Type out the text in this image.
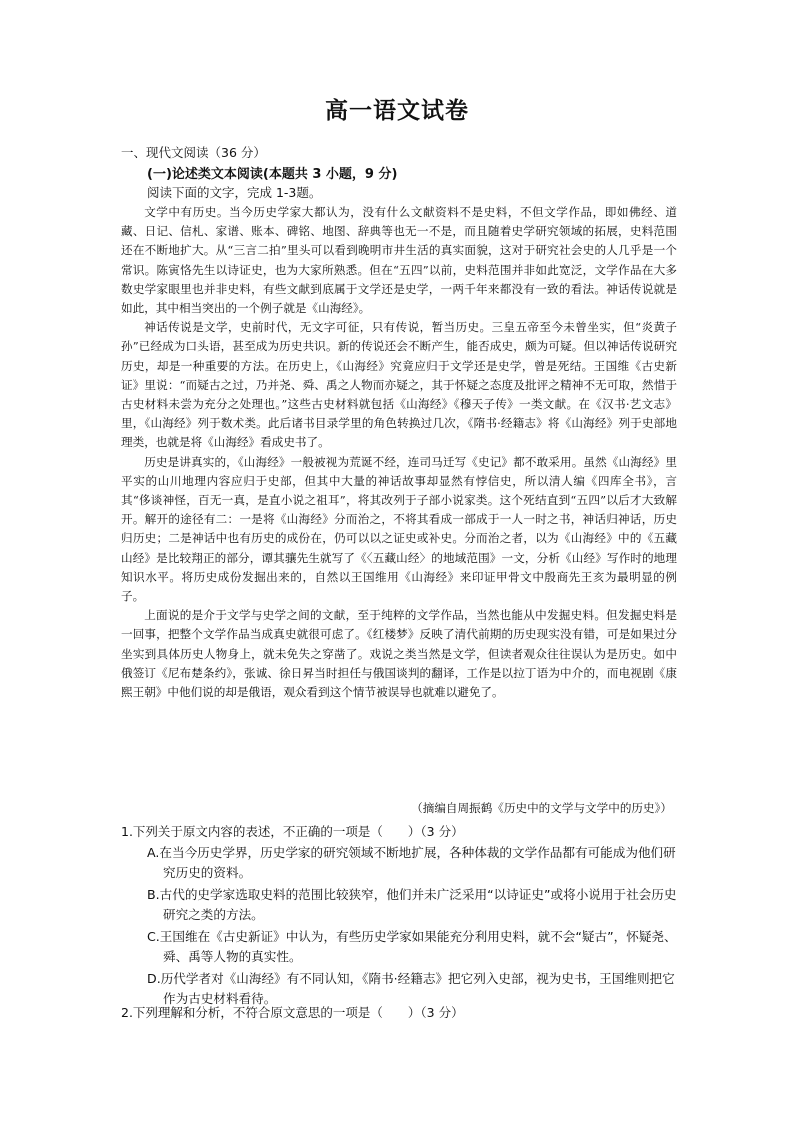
高一语文试卷
一、现代文阅读（36 分）
(一)论述类文本阅读(本题共 3 小题，9 分)
阅读下面的文字，完成 1-3题。

文学中有历史。当今历史学家大都认为，没有什么文献资料不是史料，不但文学作品，即如佛经、道藏、日记、信札、家谱、账本、碑铭、地图、辞典等也无一不是，而且随着史学研究领域的拓展，史料范围还在不断地扩大。从“三言二拍”里头可以看到晚明市井生活的真实面貌，这对于研究社会史的人几乎是一个常识。陈寅恪先生以诗证史，也为大家所熟悉。但在“五四”以前，史料范围并非如此宽泛，文学作品在大多数史学家眼里也并非史料，有些文献到底属于文学还是史学，一两千年来都没有一致的看法。神话传说就是如此，其中相当突出的一个例子就是《山海经》。

神话传说是文学，史前时代，无文字可征，只有传说，暂当历史。三皇五帝至今未曾坐实，但“炎黄子孙”已经成为口头语，甚至成为历史共识。新的传说还会不断产生，能否成史，颇为可疑。但以神话传说研究历史，却是一种重要的方法。在历史上，《山海经》究竟应归于文学还是史学，曾是死结。王国维《古史新证》里说：“而疑古之过，乃并尧、舜、禹之人物而亦疑之，其于怀疑之态度及批评之精神不无可取，然惜于古史材料未尝为充分之处理也。”这些古史材料就包括《山海经》《穆天子传》一类文献。在《汉书·艺文志》里，《山海经》列于数术类。此后诸书目录学里的角色转换过几次，《隋书·经籍志》将《山海经》列于史部地理类，也就是将《山海经》看成史书了。

历史是讲真实的，《山海经》一般被视为荒诞不经，连司马迁写《史记》都不敢采用。虽然《山海经》里平实的山川地理内容应归于史部，但其中大量的神话故事却显然有悖信史，所以清人编《四库全书》，言其“侈谈神怪，百无一真，是直小说之祖耳”，将其改列于子部小说家类。这个死结直到“五四”以后才大致解开。解开的途径有二：一是将《山海经》分而治之，不将其看成一部成于一人一时之书，神话归神话，历史归历史；二是神话中也有历史的成份在，仍可以以之证史或补史。分而治之者，以为《山海经》中的《五藏山经》是比较翔正的部分，谭其骧先生就写了《〈五藏山经〉的地域范围》一文，分析《山经》写作时的地理知识水平。将历史成份发掘出来的，自然以王国维用《山海经》来印证甲骨文中殷商先王亥为最明显的例子。

上面说的是介于文学与史学之间的文献，至于纯粹的文学作品，当然也能从中发掘史料。但发掘史料是一回事，把整个文学作品当成真史就很可虑了。《红楼梦》反映了清代前期的历史现实没有错，可是如果过分坐实到具体历史人物身上，就未免失之穿凿了。戏说之类当然是文学，但读者观众往往误认为是历史。如中俄签订《尼布楚条约》，张诚、徐日昇当时担任与俄国谈判的翻译，工作是以拉丁语为中介的，而电视剧《康熙王朝》中他们说的却是俄语，观众看到这个情节被误导也就难以避免了。

（摘编自周振鹤《历史中的文学与文学中的历史》）
1.下列关于原文内容的表述，不正确的一项是（　　）（3 分）
A.在当今历史学界，历史学家的研究领域不断地扩展，各种体裁的文学作品都有可能成为他们研究历史的资料。
B.古代的史学家选取史料的范围比较狭窄，他们并未广泛采用“以诗证史”或将小说用于社会历史研究之类的方法。
C.王国维在《古史新证》中认为，有些历史学家如果能充分利用史料，就不会“疑古”，怀疑尧、舜、禹等人物的真实性。
D.历代学者对《山海经》有不同认知，《隋书·经籍志》把它列入史部，视为史书，王国维则把它作为古史材料看待。
2.下列理解和分析，不符合原文意思的一项是（　　）（3 分）
